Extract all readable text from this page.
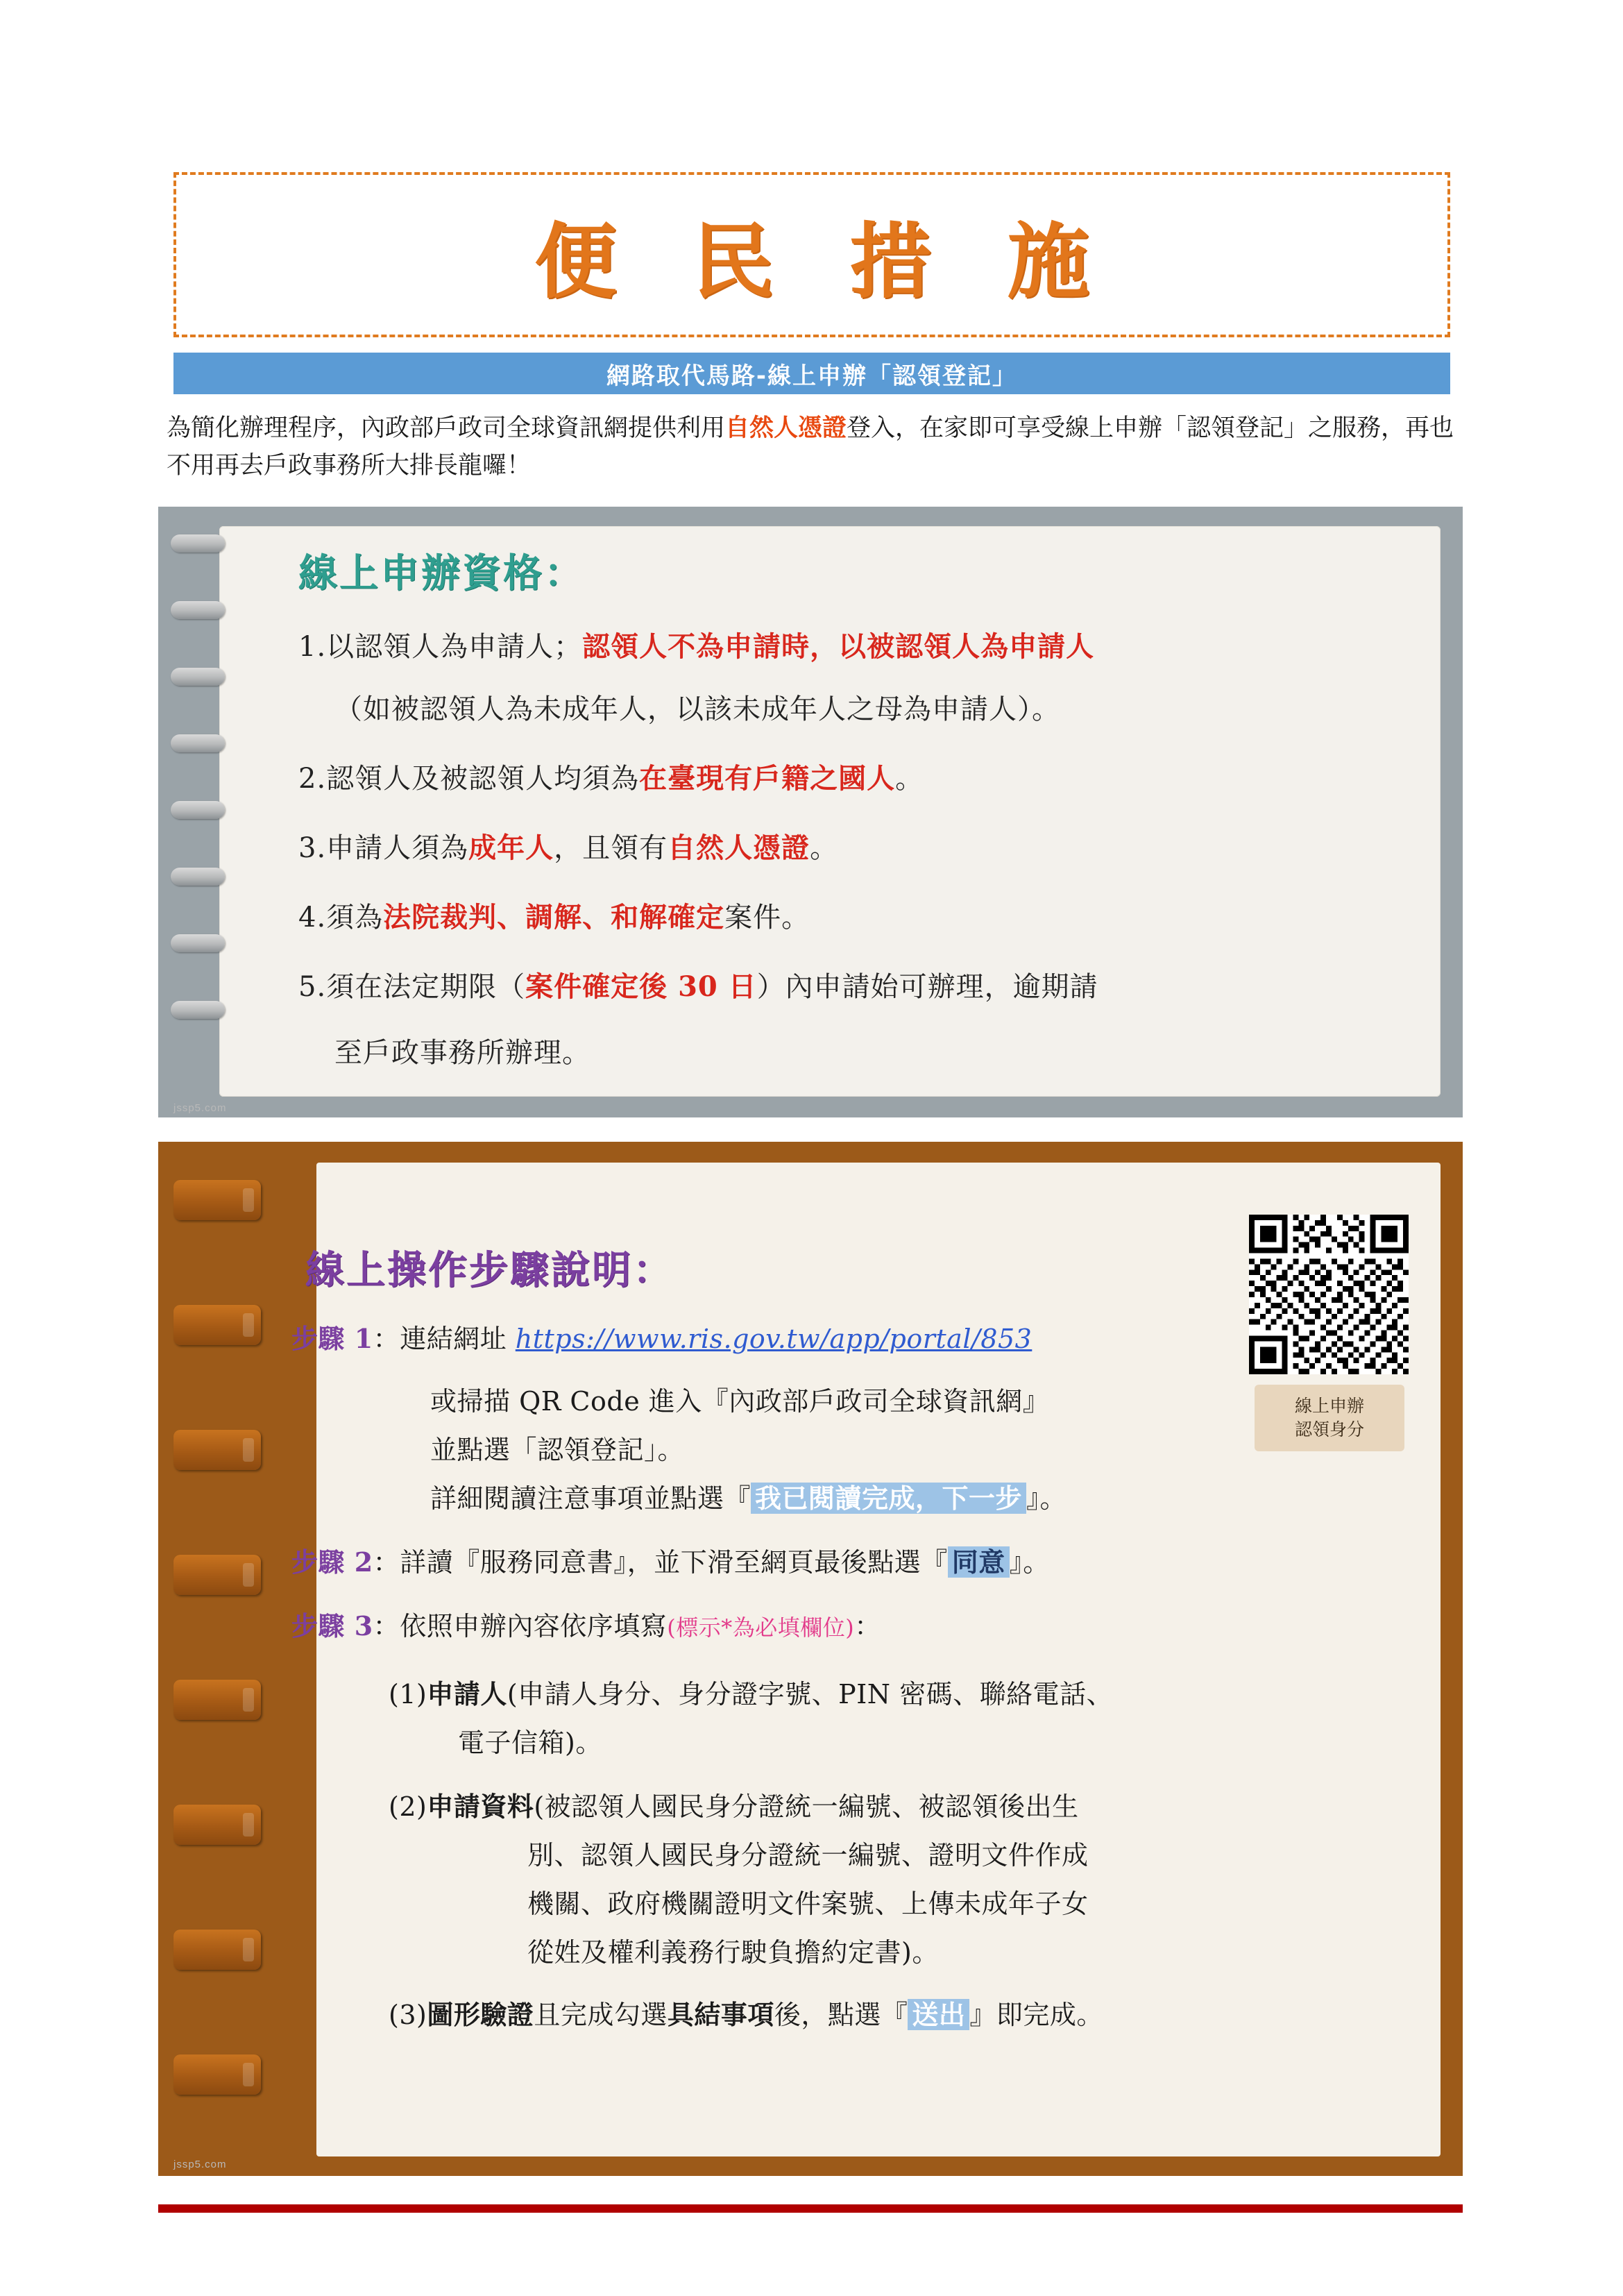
便 民 措 施
網路取代馬路-線上申辦「認領登記」
為簡化辦理程序，內政部戶政司全球資訊網提供利用自然人憑證登入，在家即可享受線上申辦「認領登記」之服務，再也不用再去戶政事務所大排長龍囉！
線上申辦資格：
1.以認領人為申請人；認領人不為申請時，以被認領人為申請人
（如被認領人為未成年人，以該未成年人之母為申請人）。
2.認領人及被認領人均須為在臺現有戶籍之國人。
3.申請人須為成年人，且領有自然人憑證。
4.須為法院裁判、調解、和解確定案件。
5.須在法定期限（案件確定後 30 日）內申請始可辦理，逾期請
至戶政事務所辦理。
jssp5.com
線上操作步驟說明：
線上申辦
認領身分
步驟 1：連結網址 https://www.ris.gov.tw/app/portal/853
或掃描 QR Code 進入『內政部戶政司全球資訊網』
並點選「認領登記」。
詳細閱讀注意事項並點選『 我已閱讀完成，下一步 』。
步驟 2：詳讀『服務同意書』，並下滑至網頁最後點選『 同意 』。
步驟 3：依照申辦內容依序填寫(標示*為必填欄位)：
(1)申請人(申請人身分、身分證字號、PIN 密碼、聯絡電話、
電子信箱)。
(2)申請資料(被認領人國民身分證統一編號、被認領後出生
別、認領人國民身分證統一編號、證明文件作成
機關、政府機關證明文件案號、上傳未成年子女
從姓及權利義務行駛負擔約定書)。
(3)圖形驗證且完成勾選具結事項後，點選『 送出 』即完成。
jssp5.com
